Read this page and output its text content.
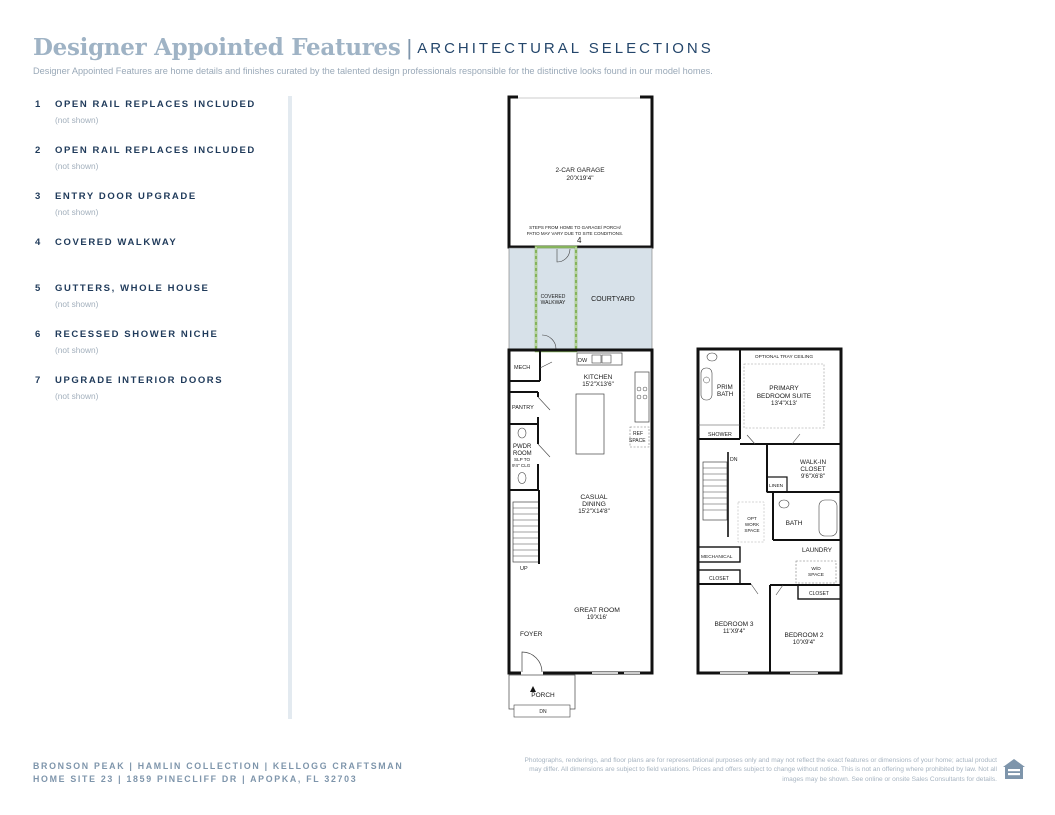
Designer Appointed Features | ARCHITECTURAL SELECTIONS
Designer Appointed Features are home details and finishes curated by the talented design professionals responsible for the distinctive looks found in our model homes.
1 OPEN RAIL REPLACES INCLUDED
(not shown)
2 OPEN RAIL REPLACES INCLUDED
(not shown)
3 ENTRY DOOR UPGRADE
(not shown)
4 COVERED WALKWAY
5 GUTTERS, WHOLE HOUSE
(not shown)
6 RECESSED SHOWER NICHE
(not shown)
7 UPGRADE INTERIOR DOORS
(not shown)
2-CAR GARAGE
20'X19'4"
STEPS FROM HOME TO GARAGE/ PORCH/
PATIO MAY VARY DUE TO SITE CONDITIONS.
COURTYARD
4
COVERED
WALKWAY
MECH
DW
REF
SPACE
KITCHEN
15'2"X13'6"
PANTRY
PWDR
ROOM
SLP TO
9'4" CLG
UP
CASUAL
DINING
15'2"X14'8"
GREAT ROOM
19'X16'
FOYER
PORCH
DN
PRIM
BATH
SHOWER
OPTIONAL TRAY CEILING
PRIMARY
BEDROOM SUITE
13'4"X13'
DN
OPT
WORK
SPACE
WALK-IN
CLOSET
9'6"X6'8"
LINEN
BATH
MECHANICAL
LAUNDRY
W/D
SPACE
CLOSET
CLOSET
BEDROOM 3
11'X9'4"
BEDROOM 2
10'X9'4"
BRONSON PEAK | HAMLIN COLLECTION | KELLOGG CRAFTSMAN
HOME SITE 23 | 1859 PINECLIFF DR | APOPKA, FL 32703
Photographs, renderings, and floor plans are for representational purposes only and may not reflect the exact features or dimensions of your home; actual product may differ. All dimensions are subject to field variations. Prices and offers subject to change without notice. This is not an offering where prohibited by law. Not all images may be shown. See online or onsite Sales Consultants for details.
